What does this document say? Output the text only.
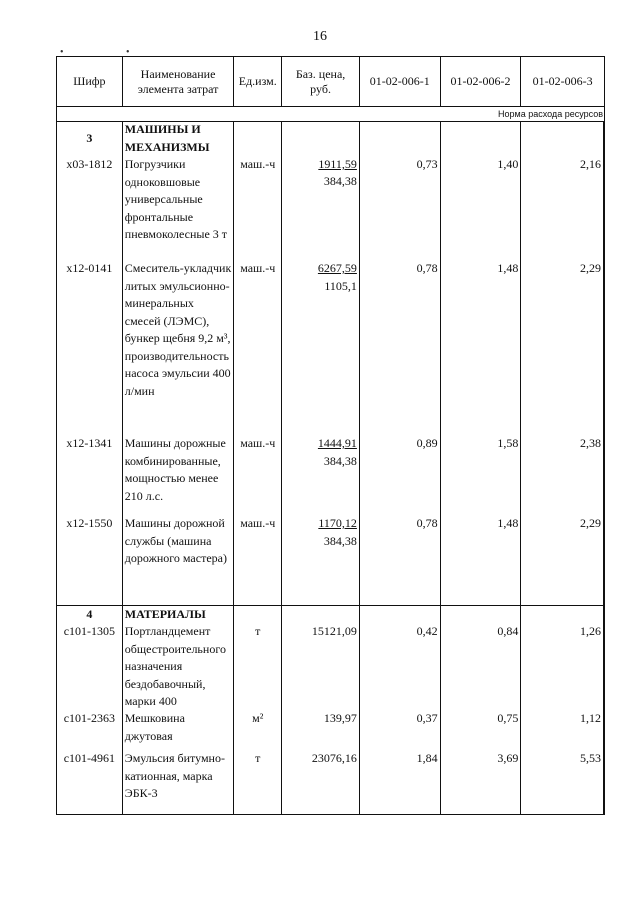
16
• •
Шифр
Наименование элемента затрат
Ед.изм.
Баз. цена, руб.
01-02-006-1	01-02-006-2	01-02-006-3
Норма расхода ресурсов
3
х03-1812
х12-0141
х12-1341
х12-1550
4
с101-1305
с101-2363
с101-4961
МАШИНЫ И МЕХАНИЗМЫ
Погрузчики одноковшовые универсальные фронтальные пневмоколесные 3 т
Смеситель-укладчик литых эмульсионно-минеральных смесей (ЛЭМС), бункер щебня 9,2 м³, производительность насоса эмульсии 400 л/мин
Машины дорожные комбинированные, мощностью менее 210 л.с.
Машины дорожной службы (машина дорожного мастера)
МАТЕРИАЛЫ
Портландцемент общестроительного назначения бездобавочный, марки 400
Мешковина джутовая
Эмульсия битумно-катионная, марка ЭБК-3
маш.-ч
маш.-ч
маш.-ч
маш.-ч
т
м²
т
1911,59
384,38
6267,59
1105,1
1444,91
384,38
1170,12
384,38
15121,09
139,97
23076,16
0,73
0,78
0,89
0,78
0,42
0,37
1,84
1,40
1,48
1,58
1,48
0,84
0,75
3,69
2,16
2,29
2,38
2,29
1,26
1,12
5,53
